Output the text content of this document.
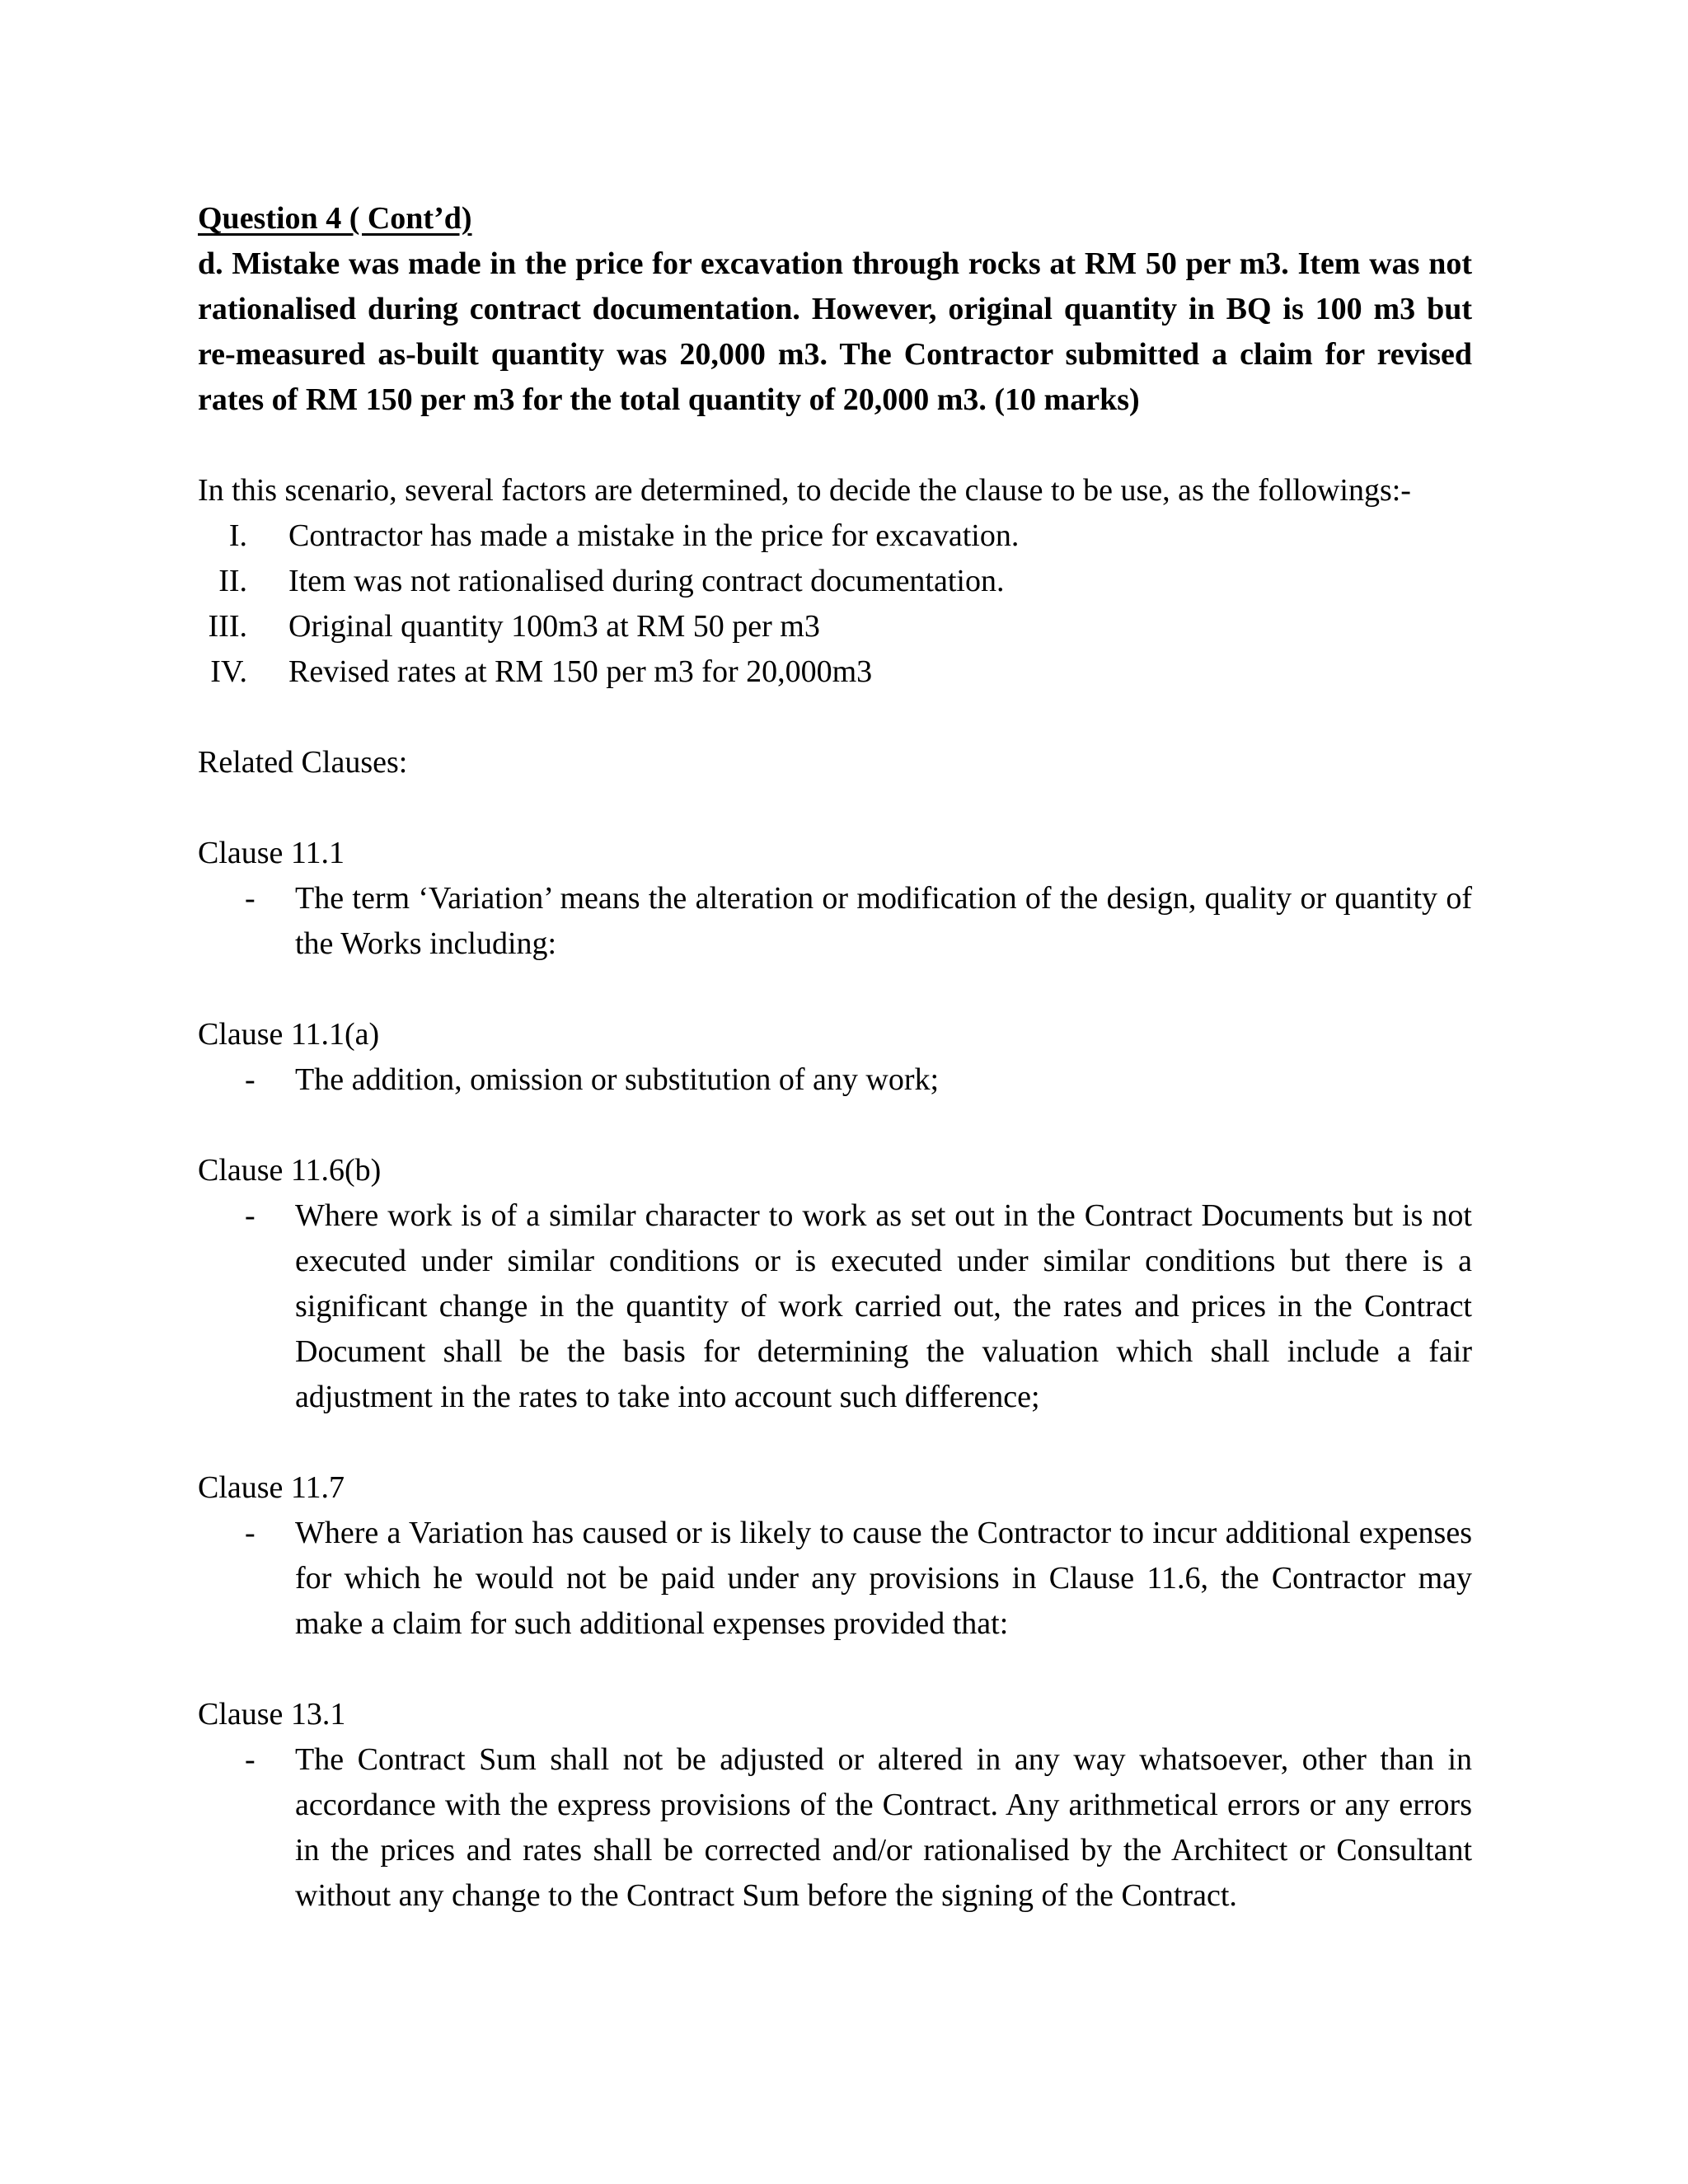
Question 4 ( Cont’d)
d. Mistake was made in the price for excavation through rocks at RM 50 per m3. Item was not rationalised during contract documentation. However, original quantity in BQ is 100 m3 but re-measured as-built quantity was 20,000 m3. The Contractor submitted a claim for revised rates of RM 150 per m3 for the total quantity of 20,000 m3. (10 marks)
In this scenario, several factors are determined, to decide the clause to be use, as the followings:-
I.	Contractor has made a mistake in the price for excavation.
II.	Item was not rationalised during contract documentation.
III.	Original quantity 100m3 at RM 50 per m3
IV.	Revised rates at RM 150 per m3 for 20,000m3
Related Clauses:
Clause 11.1
-	The term ‘Variation’ means the alteration or modification of the design, quality or quantity of the Works including:
Clause 11.1(a)
-	The addition, omission or substitution of any work;
Clause 11.6(b)
-	Where work is of a similar character to work as set out in the Contract Documents but is not executed under similar conditions or is executed under similar conditions but there is a significant change in the quantity of work carried out, the rates and prices in the Contract Document shall be the basis for determining the valuation which shall include a fair adjustment in the rates to take into account such difference;
Clause 11.7
-	Where a Variation has caused or is likely to cause the Contractor to incur additional expenses for which he would not be paid under any provisions in Clause 11.6, the Contractor may make a claim for such additional expenses provided that:
Clause 13.1
-	The Contract Sum shall not be adjusted or altered in any way whatsoever, other than in accordance with the express provisions of the Contract. Any arithmetical errors or any errors in the prices and rates shall be corrected and/or rationalised by the Architect or Consultant without any change to the Contract Sum before the signing of the Contract.
